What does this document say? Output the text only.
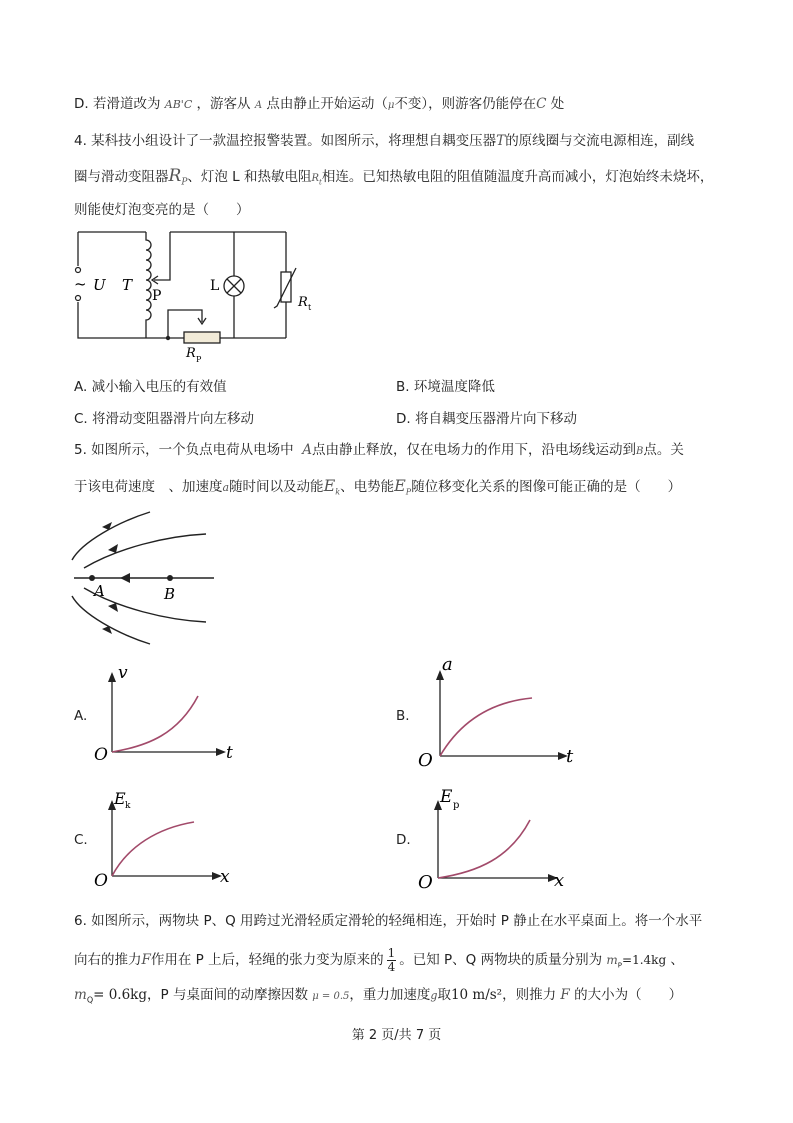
D. 若滑道改为 AB'C ，游客从 A 点由静止开始运动（μ不变），则游客仍能停在C 处
4. 某科技小组设计了一款温控报警装置。如图所示，将理想自耦变压器T的原线圈与交流电源相连，副线
圈与滑动变阻器$R_P$、灯泡 L 和热敏电阻$R_t$相连。已知热敏电阻的阻值随温度升高而减小，灯泡始终未烧坏，
则能使灯泡变亮的是（　　）
~ U T
P
L
R t
R P
A. 减小输入电压的有效值	B. 环境温度降低
C. 将滑动变阻器滑片向左移动	D. 将自耦变压器滑片向下移动
5. 如图所示，一个负点电荷从电场中 A点由静止释放，仅在电场力的作用下，沿电场线运动到B点。关
于该电荷速度　、加速度a随时间以及动能$E_k$、电势能$E_P$随位移变化关系的图像可能正确的是（　　）
A	B
A.
v
t
O
B.
a
t
O
C.
E k
x
O
D.
E p
x
O
6. 如图所示，两物块 P、Q 用跨过光滑轻质定滑轮的轻绳相连，开始时 P 静止在水平桌面上。将一个水平
向右的推力F作用在 P 上后，轻绳的张力变为原来的 $\frac{1}{4}$ 。已知 P、Q 两物块的质量分别为 $m_P=1.4kg$ 、
$m_Q= 0.6kg$，P 与桌面间的动摩擦因数 μ = 0.5，重力加速度g取10 m/s²，则推力 F 的大小为（　　）
第 2 页/共 7 页
